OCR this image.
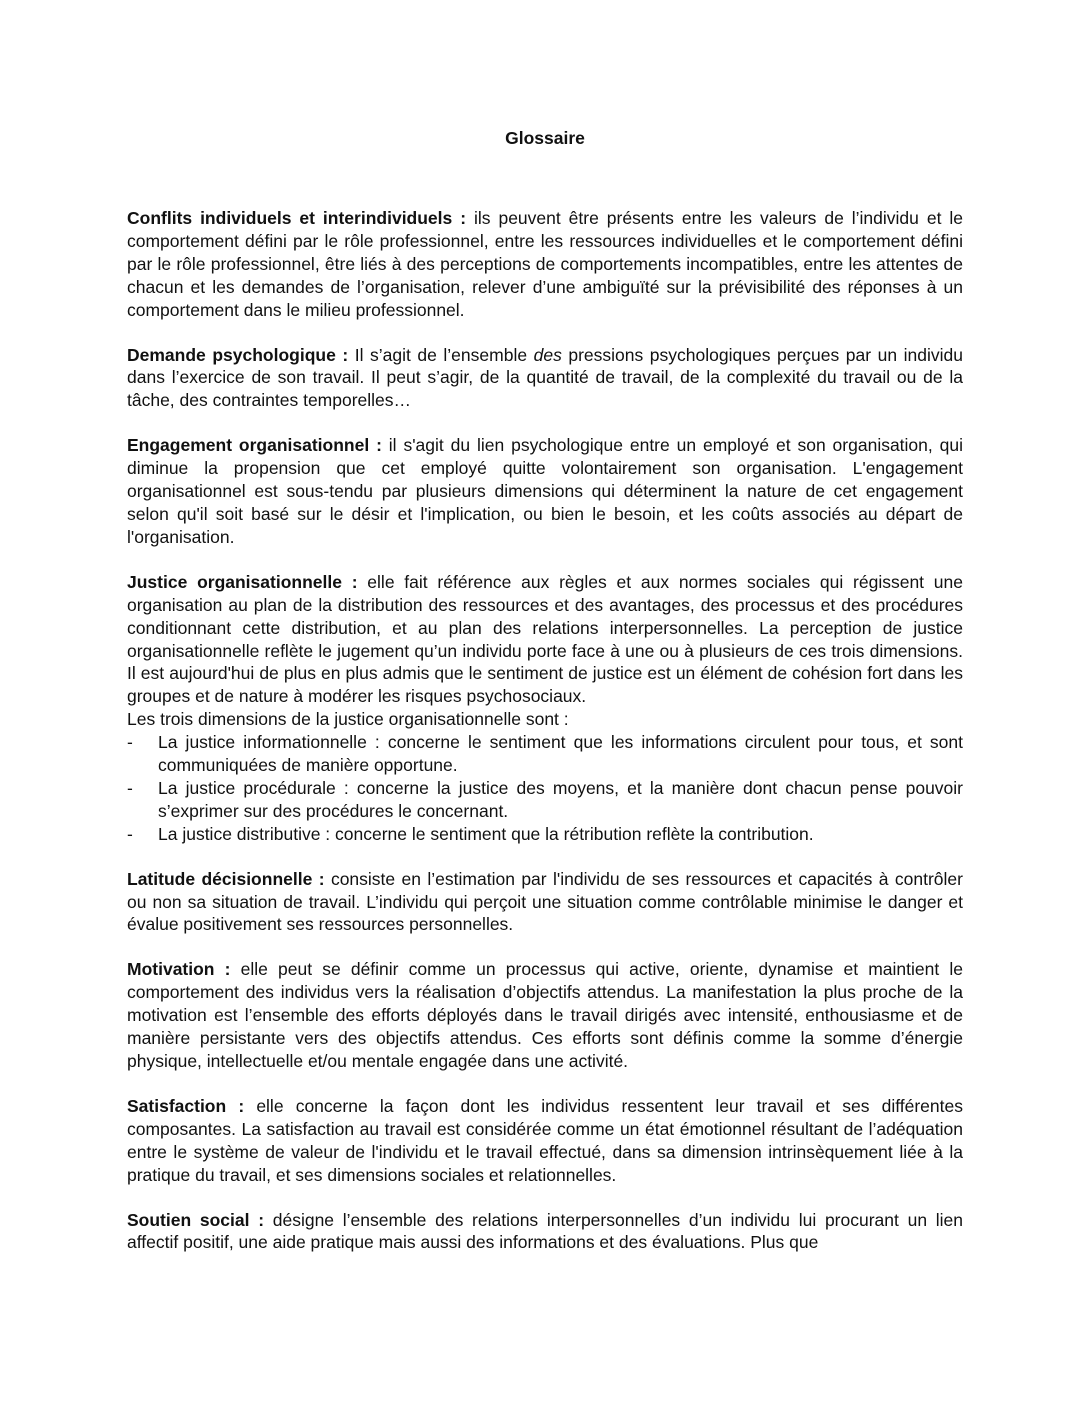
Glossaire

Conflits individuels et interindividuels : ils peuvent être présents entre les valeurs de l’individu et le comportement défini par le rôle professionnel, entre les ressources individuelles et le comportement défini par le rôle professionnel, être liés à des perceptions de comportements incompatibles, entre les attentes de chacun et les demandes de l’organisation, relever d’une ambiguïté sur la prévisibilité des réponses à un comportement dans le milieu professionnel.

Demande psychologique : Il s’agit de l’ensemble des pressions psychologiques perçues par un individu dans l’exercice de son travail. Il peut s’agir, de la quantité de travail, de la complexité du travail ou de la tâche, des contraintes temporelles…

Engagement organisationnel : il s'agit du lien psychologique entre un employé et son organisation, qui diminue la propension que cet employé quitte volontairement son organisation. L'engagement organisationnel est sous-tendu par plusieurs dimensions qui déterminent la nature de cet engagement selon qu'il soit basé sur le désir et l'implication, ou bien le besoin, et les coûts associés au départ de l'organisation.

Justice organisationnelle : elle fait référence aux règles et aux normes sociales qui régissent une organisation au plan de la distribution des ressources et des avantages, des processus et des procédures conditionnant cette distribution, et au plan des relations interpersonnelles. La perception de justice organisationnelle reflète le jugement qu’un individu porte face à une ou à plusieurs de ces trois dimensions. Il est aujourd'hui de plus en plus admis que le sentiment de justice est un élément de cohésion fort dans les groupes et de nature à modérer les risques psychosociaux.

Les trois dimensions de la justice organisationnelle sont :

- La justice informationnelle : concerne le sentiment que les informations circulent pour tous, et sont communiquées de manière opportune.
- La justice procédurale : concerne la justice des moyens, et la manière dont chacun pense pouvoir s’exprimer sur des procédures le concernant.
- La justice distributive : concerne le sentiment que la rétribution reflète la contribution.

Latitude décisionnelle : consiste en l’estimation par l'individu de ses ressources et capacités à contrôler ou non sa situation de travail. L’individu qui perçoit une situation comme contrôlable minimise le danger et évalue positivement ses ressources personnelles.

Motivation : elle peut se définir comme un processus qui active, oriente, dynamise et maintient le comportement des individus vers la réalisation d’objectifs attendus. La manifestation la plus proche de la motivation est l’ensemble des efforts déployés dans le travail dirigés avec intensité, enthousiasme et de manière persistante vers des objectifs attendus. Ces efforts sont définis comme la somme d’énergie physique, intellectuelle et/ou mentale engagée dans une activité.

Satisfaction : elle concerne la façon dont les individus ressentent leur travail et ses différentes composantes. La satisfaction au travail est considérée comme un état émotionnel résultant de l’adéquation entre le système de valeur de l'individu et le travail effectué, dans sa dimension intrinsèquement liée à la pratique du travail, et ses dimensions sociales et relationnelles.

Soutien social : désigne l’ensemble des relations interpersonnelles d’un individu lui procurant un lien affectif positif, une aide pratique mais aussi des informations et des évaluations. Plus que
